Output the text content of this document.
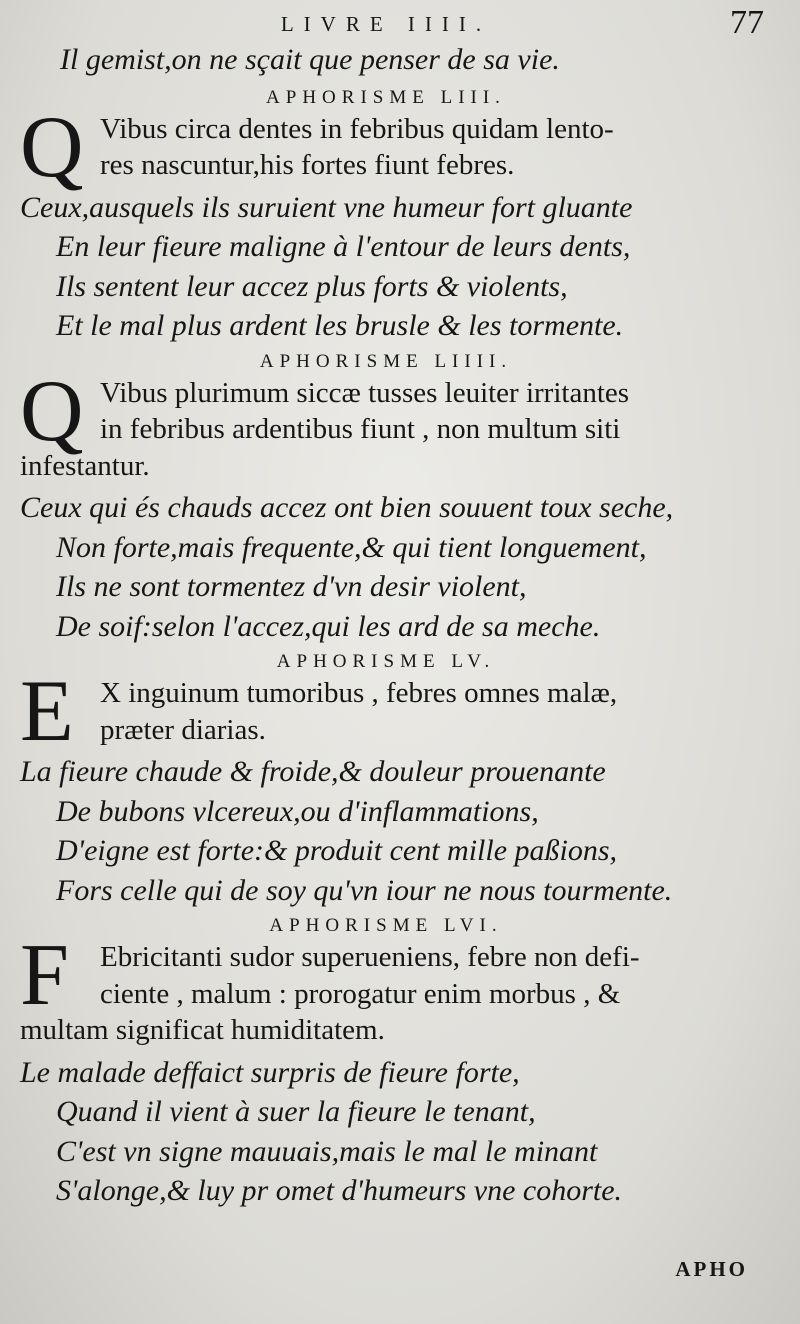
LIVRE IIII.	77
Il gemist,on ne sçait que penser de sa vie.
APHORISME LIII.
Q Vibus circa dentes in febribus quidam lento-
res nascuntur,his fortes fiunt febres.
Ceux,ausquels ils suruient vne humeur fort gluante
En leur fieure maligne à l'entour de leurs dents,
Ils sentent leur accez plus forts & violents,
Et le mal plus ardent les brusle & les tormente.
APHORISME LIIII.
Q Vibus plurimum siccæ tusses leuiter irritantes
in febribus ardentibus fiunt , non multum siti
infestantur.
Ceux qui és chauds accez ont bien souuent toux seche,
Non forte,mais frequente,& qui tient longuement,
Ils ne sont tormentez d'vn desir violent,
De soif:selon l'accez,qui les ard de sa meche.
APHORISME LV.
E X inguinum tumoribus , febres omnes malæ,
præter diarias.
La fieure chaude & froide,& douleur prouenante
De bubons vlcereux,ou d'inflammations,
D'eigne est forte:& produit cent mille paßions,
Fors celle qui de soy qu'vn iour ne nous tourmente.
APHORISME LVI.
F	Ebricitanti sudor superueniens, febre non defi-
ciente , malum : prorogatur enim morbus , &
multam significat humiditatem.
Le malade deffaict surpris de fieure forte,
Quand il vient à suer la fieure le tenant,
C'est vn signe mauuais,mais le mal le minant
S'alonge,& luy pr omet d'humeurs vne cohorte.
APHO
